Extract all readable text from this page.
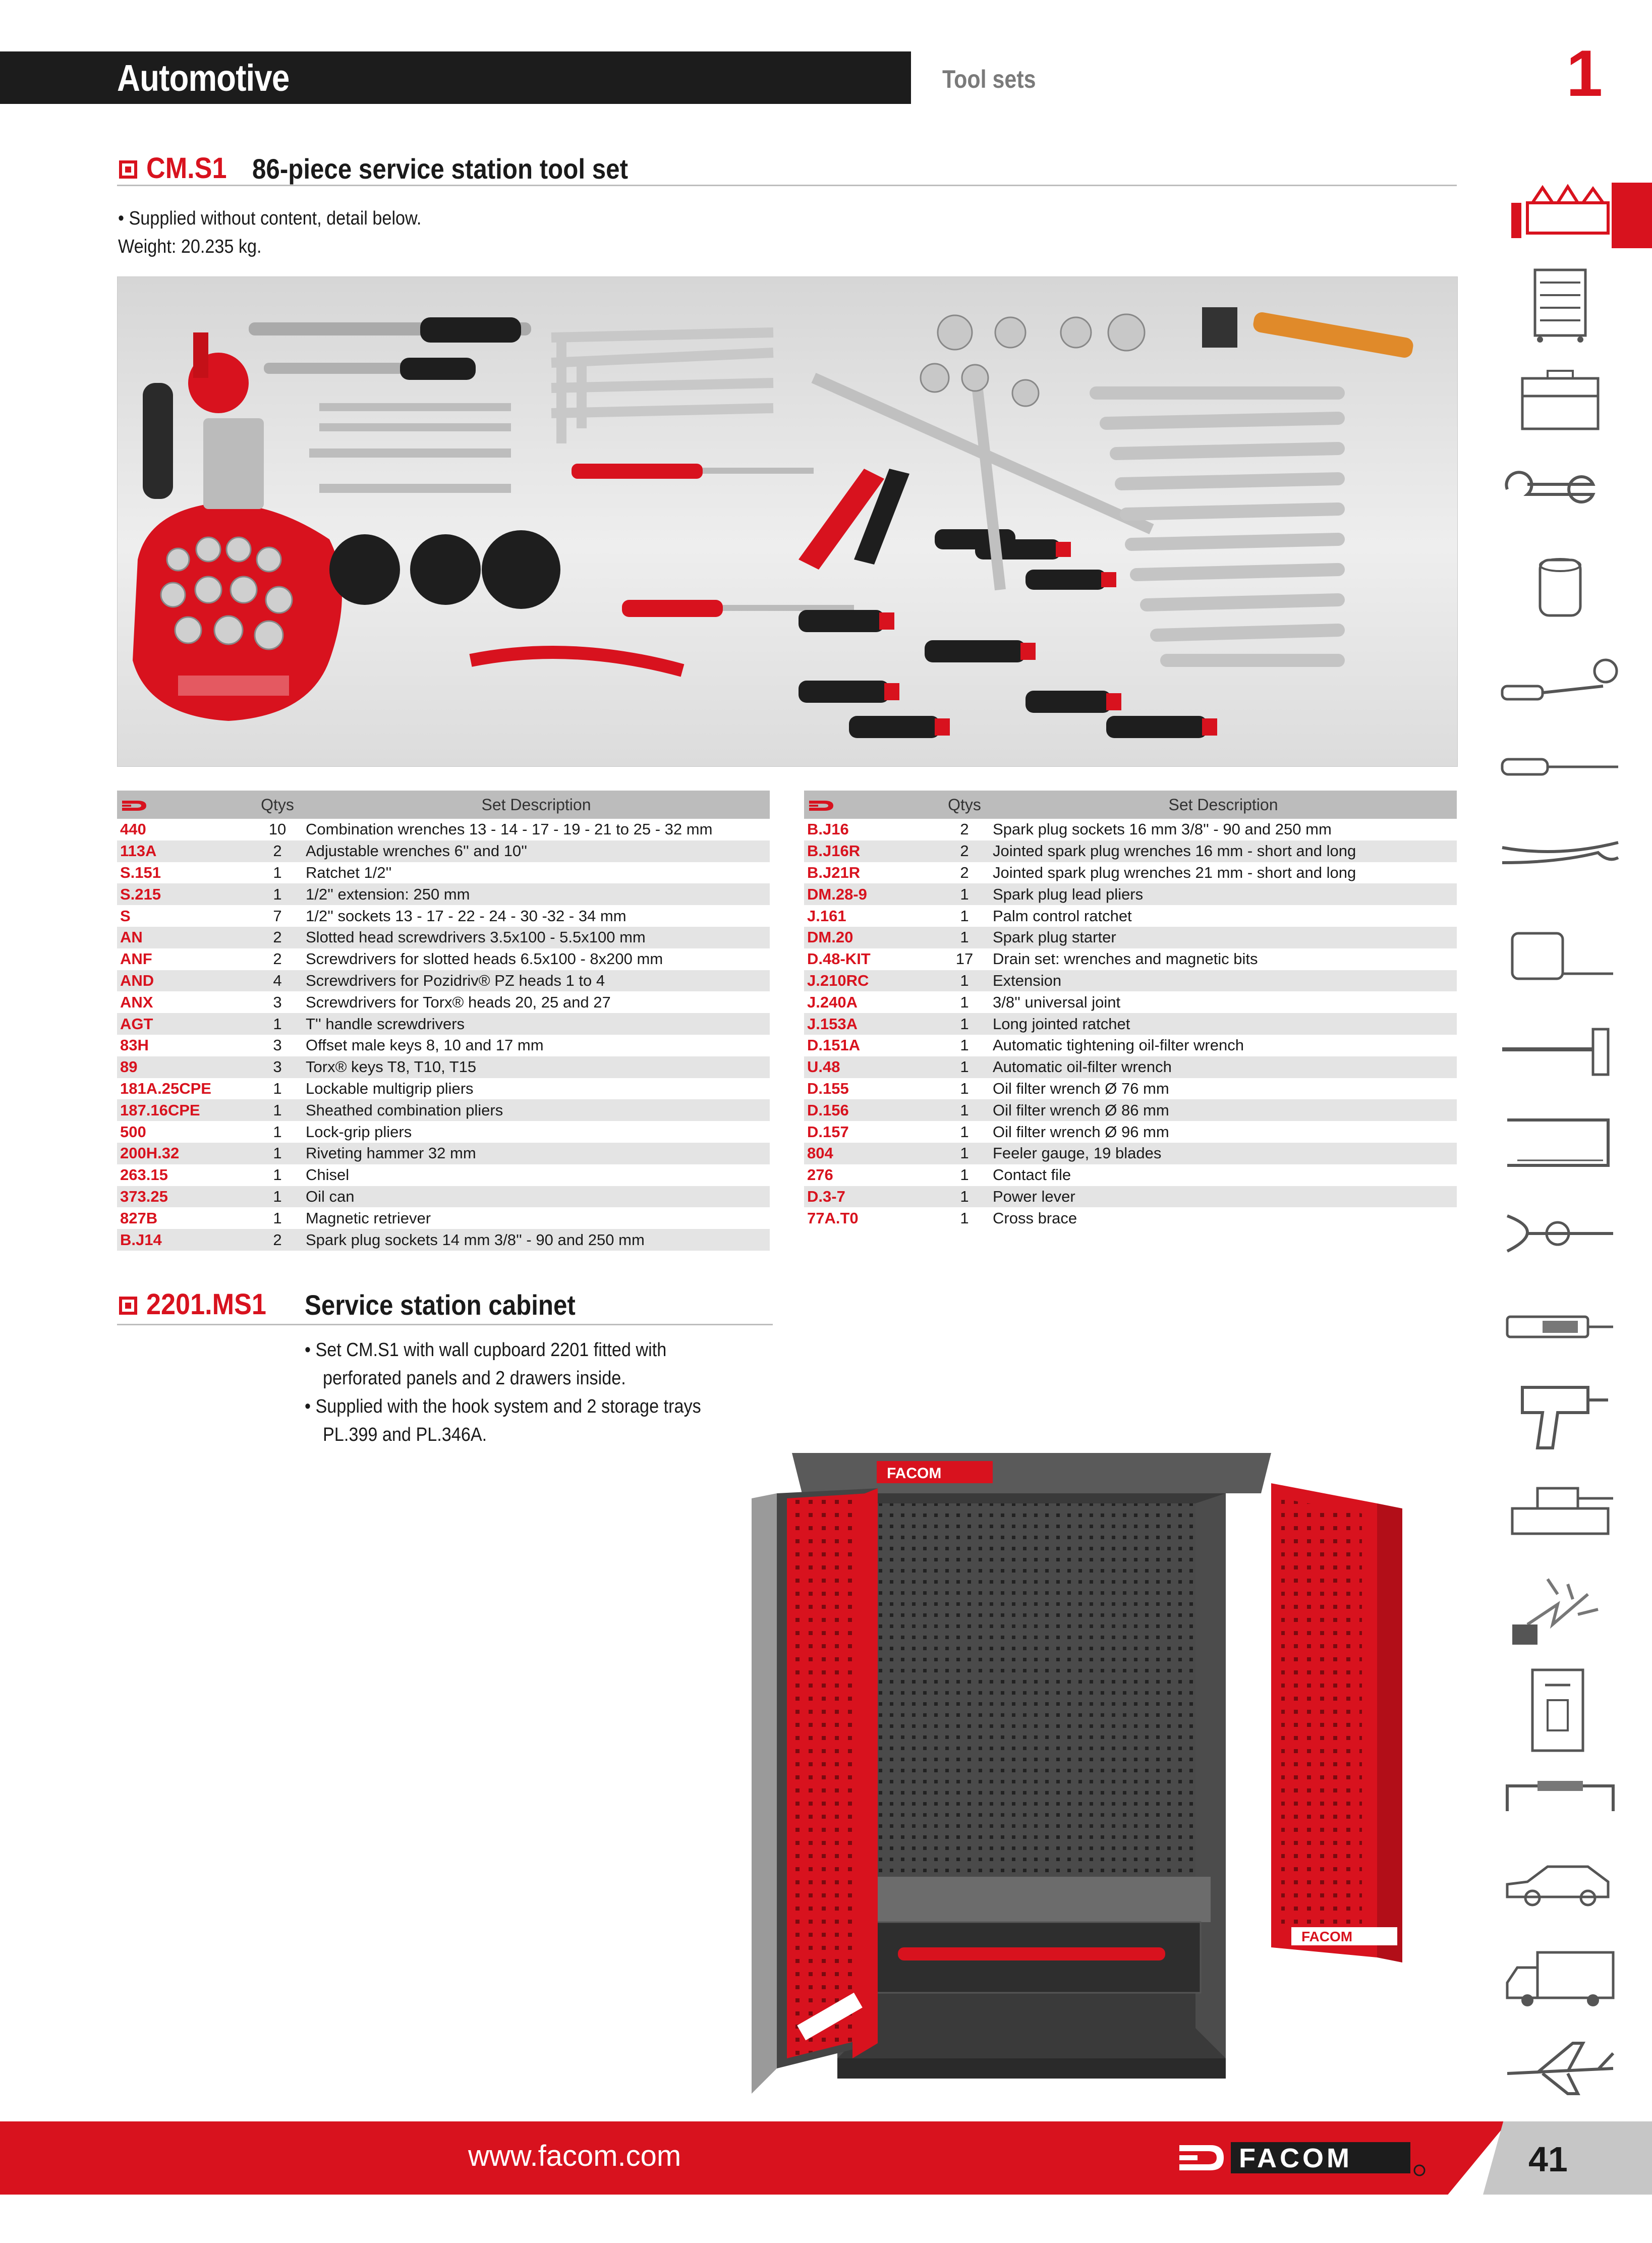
Automotive	Tool sets	1
CM.S1 86-piece service station tool set
• Supplied without content, detail below.
Weight: 20.235 kg.
	Qtys	Set Description
440	10	Combination wrenches 13 - 14 - 17 - 19 - 21 to 25 - 32 mm
113A	2	Adjustable wrenches 6'' and 10''
S.151	1	Ratchet 1/2''
S.215	1	1/2'' extension: 250 mm
S	7	1/2'' sockets 13 - 17 - 22 - 24 - 30 -32 - 34 mm
AN	2	Slotted head screwdrivers 3.5x100 - 5.5x100 mm
ANF	2	Screwdrivers for slotted heads 6.5x100 - 8x200 mm
AND	4	Screwdrivers for Pozidriv® PZ heads 1 to 4
ANX	3	Screwdrivers for Torx® heads 20, 25 and 27
AGT	1	T'' handle screwdrivers
83H	3	Offset male keys 8, 10 and 17 mm
89	3	Torx® keys T8, T10, T15
181A.25CPE	1	Lockable multigrip pliers
187.16CPE	1	Sheathed combination pliers
500	1	Lock-grip pliers
200H.32	1	Riveting hammer 32 mm
263.15	1	Chisel
373.25	1	Oil can
827B	1	Magnetic retriever
B.J14	2	Spark plug sockets 14 mm 3/8'' - 90 and 250 mm
	Qtys	Set Description
B.J16	2	Spark plug sockets 16 mm 3/8'' - 90 and 250 mm
B.J16R	2	Jointed spark plug wrenches 16 mm - short and long
B.J21R	2	Jointed spark plug wrenches 21 mm - short and long
DM.28-9	1	Spark plug lead pliers
J.161	1	Palm control ratchet
DM.20	1	Spark plug starter
D.48-KIT	17	Drain set: wrenches and magnetic bits
J.210RC	1	Extension
J.240A	1	3/8'' universal joint
J.153A	1	Long jointed ratchet
D.151A	1	Automatic tightening oil-filter wrench
U.48	1	Automatic oil-filter wrench
D.155	1	Oil filter wrench Ø 76 mm
D.156	1	Oil filter wrench Ø 86 mm
D.157	1	Oil filter wrench Ø 96 mm
804	1	Feeler gauge, 19 blades
276	1	Contact file
D.3-7	1	Power lever
77A.T0	1	Cross brace
2201.MS1 Service station cabinet
• Set CM.S1 with wall cupboard 2201 fitted with
perforated panels and 2 drawers inside.
• Supplied with the hook system and 2 storage trays
PL.399 and PL.346A.
FACOM
FACOM
www.facom.com	FACOM	41
